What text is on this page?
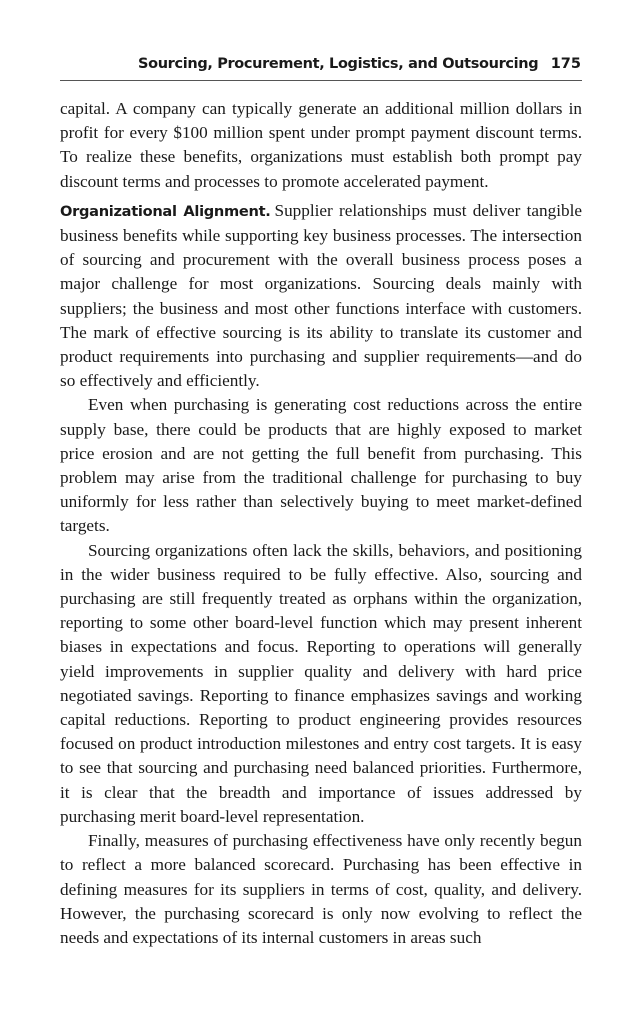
Sourcing, Procurement, Logistics, and Outsourcing 175

capital. A company can typically generate an additional million dollars in profit for every $100 million spent under prompt payment discount terms. To realize these benefits, organizations must establish both prompt pay discount terms and processes to promote accelerated payment.

Organizational Alignment. Supplier relationships must deliver tangible business benefits while supporting key business processes. The intersection of sourcing and procurement with the overall business process poses a major challenge for most organizations. Sourcing deals mainly with suppliers; the business and most other functions interface with customers. The mark of effective sourcing is its ability to translate its customer and product requirements into purchasing and supplier requirements—and do so effectively and efficiently.

Even when purchasing is generating cost reductions across the entire supply base, there could be products that are highly exposed to market price erosion and are not getting the full benefit from purchasing. This problem may arise from the traditional challenge for purchasing to buy uniformly for less rather than selectively buying to meet market-defined targets.

Sourcing organizations often lack the skills, behaviors, and positioning in the wider business required to be fully effective. Also, sourcing and purchasing are still frequently treated as orphans within the organization, reporting to some other board-level function which may present inherent biases in expectations and focus. Reporting to operations will generally yield improvements in supplier quality and delivery with hard price negotiated savings. Reporting to finance emphasizes savings and working capital reductions. Reporting to product engineering provides resources focused on product introduction milestones and entry cost targets. It is easy to see that sourcing and purchasing need balanced priorities. Furthermore, it is clear that the breadth and importance of issues addressed by purchasing merit board-level representation.

Finally, measures of purchasing effectiveness have only recently begun to reflect a more balanced scorecard. Purchasing has been effective in defining measures for its suppliers in terms of cost, quality, and delivery. However, the purchasing scorecard is only now evolving to reflect the needs and expectations of its internal customers in areas such
